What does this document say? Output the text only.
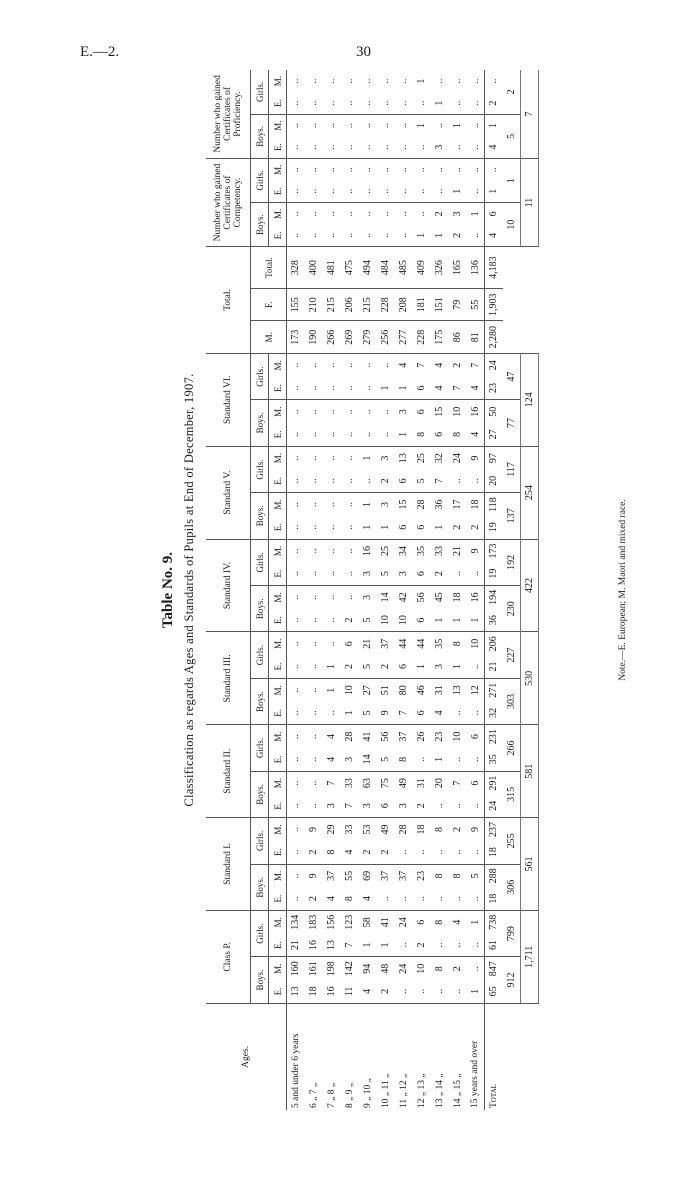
E.—2.	30
Table No. 9. Classification as regards Ages and Standards of Pupils at End of December, 1907.
Ages.	Class P.				Standard I.				Standard II.				Standard III.				Standard IV.				Standard V.				Standard VI.				Total.			Number who gained Certificates of Competency.				Number who gained Certificates of Proficiency.			
	Boys.		Girls.		Boys.		Girls.		Boys.		Girls.		Boys.		Girls.		Boys.		Girls.		Boys.		Girls.		Boys.		Girls.		M.	F.	Total.	Boys.		Girls.		Boys.		Girls.	
	E.	M.	E.	M.	E.	M.	E.	M.	E.	M.	E.	M.	E.	M.	E.	M.	E.	M.	E.	M.	E.	M.	E.	M.	E.	M.	E.	M.				E.	M.	E.	M.	E.	M.	E.	M.
5 and under 6 years	13	160	21	134	..	..	..	..	..	..	..	..	..	..	..	..	..	..	..	..	..	..	..	..	..	..	..	..	173	155	328	..	..	..	..	..	..	..	..
6 „ 7 „	18	161	16	183	2	9	2	9	..	..	..	..	..	..	..	..	..	..	..	..	..	..	..	..	..	..	..	..	190	210	400	..	..	..	..	..	..	..	..
7 „ 8 „	16	198	13	156	4	37	8	29	3	7	4	4	..	1	1	..	..	..	..	..	..	..	..	..	..	..	..	..	266	215	481	..	..	..	..	..	..	..	..
8 „ 9 „	11	142	7	123	8	55	4	33	7	33	3	28	1	10	2	6	2	..	..	..	..	..	..	..	..	..	..	..	269	206	475	..	..	..	..	..	..	..	..
9 „ 10 „	4	94	1	58	4	69	2	53	3	63	14	41	5	27	5	21	5	3	3	16	1	1	..	1	..	..	..	..	279	215	494	..	..	..	..	..	..	..	..
10 „ 11 „	2	48	1	41	..	37	2	49	6	75	5	56	9	51	2	37	10	14	5	25	1	3	2	3	..	..	1	..	256	228	484	..	..	..	..	..	..	..	..
11 „ 12 „	..	24	..	24	..	37	..	28	3	49	8	37	7	80	6	44	10	42	3	34	6	15	6	13	1	3	1	4	277	208	485	..	..	..	..	..	..	..	..
12 „ 13 „	..	10	2	6	..	23	..	18	2	31	..	26	6	46	1	44	6	56	6	35	6	28	5	25	8	6	6	7	228	181	409	1	..	..	..	..	1	..	1
13 „ 14 „	..	8	..	8	..	8	..	8	..	20	1	23	4	31	3	35	1	45	2	33	1	36	7	32	6	15	4	4	175	151	326	1	2	..	..	3	..	1	..
14 „ 15 „	..	2	..	4	..	8	..	2	..	7	..	10	..	13	1	8	1	18	..	21	2	17	..	24	8	10	7	2	86	79	165	2	3	1	..	..	1	..	..
15 years and over	1	..	..	1	..	5	..	9	..	6	..	6	..	12	..	10	1	16	..	9	2	18	..	9	4	16	4	7	81	55	136	..	1	..	..	..	..	..	..
Total	65	847	61	738	18	288	18	237	24	291	35	231	32	271	21	206	36	194	19	173	19	118	20	97	27	50	23	24	2,280	1,903	4,183	4	6	1	..	4	1	2	..
	912		799		306		255		315		266		303		227		230		192		137		117		77		47					10		1		5		2	
	1,711				561				581				530				422				254				124							11				7			
Note.—E. European; M. Maori and mixed race.
